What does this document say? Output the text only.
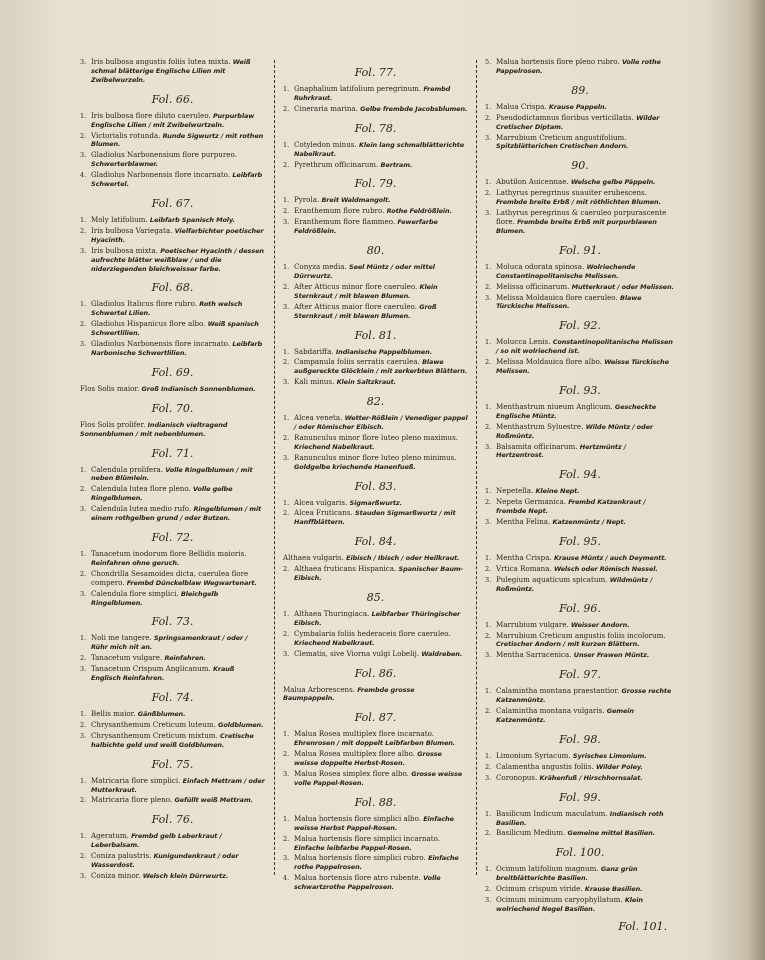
3. Iris bulbosa angustis foliis lutea mixta. Weiß schmal blätterige Englische Lilien mit Zwibelwurzeln.
Fol. 66.
1. Iris bulbosa flore diluto caeruleo. Purpurblaw Englische Lilien / mit Zwibelwurtzeln.
2. Victorialis rotunda. Runde Sigwurtz / mit rothen Blumen.
3. Gladiolus Narbonensium flore purpureo. Schwerterblawner.
4. Gladiolus Narbonensis flore incarnato. Leibfarb Schwertel.
Fol. 67.
1. Moly latifolium. Leibfarb Spanisch Moly.
2. Iris bulbosa Variegata. Vielfarbichter poetischer Hyacinth.
3. Iris bulbosa mixta. Poetischer Hyacinth / dessen aufrechte blätter weißblaw / und die niderziegenden bleichweisser farbe.
Fol. 68.
1. Gladiolus Italicus flore rubro. Roth welsch Schwertel Lilien.
2. Gladiolus Hispanicus flore albo. Weiß spanisch Schwertlilien.
3. Gladiolus Narbonensis flore incarnato. Leibfarb Narbonische Schwertlilien.
Fol. 69.
Flos Solis maior. Groß Indianisch Sonnenblumen.
Fol. 70.
Flos Solis prolifer. Indianisch vieltragend Sonnenblumen / mit nebenblumen.
Fol. 71.
1. Calendula prolifera. Volle Ringelblumen / mit neben Blümlein.
2. Calendula lutea flore pleno. Volle gelbe Ringelblumen.
3. Calendula lutea medio rufo. Ringelblumen / mit einem rothgelben grund / oder Butzen.
Fol. 72.
1. Tanacetum inodorum flore Bellidis maioris. Reinfahren ohne geruch.
2. Chondrilla Sesamoides dicta, caerulea flore compero. Frembd Dünckelblaw Wegwartenart.
3. Calendula flore simplici. Bleichgelb Ringelblumen.
Fol. 73.
1. Noli me tangere. Springsamenkraut / oder / Rühr mich nit an.
2. Tanacetum vulgare. Reinfahren.
3. Tanacetum Crispum Anglicanum. Krauß Englisch Reinfahren.
Fol. 74.
1. Bellis maior. Gänßblumen.
2. Chrysanthemum Creticum luteum. Goldblumen.
3. Chrysanthemum Creticum mixtum. Cretische halbichte geld und weiß Goldblumen.
Fol. 75.
1. Matricaria flore simplici. Einfach Mettram / oder Mutterkraut.
2. Matricaria flore pleno. Gefüllt weiß Mettram.
Fol. 76.
1. Ageratum. Frembd gelb Leberkraut / Leberbalsam.
2. Coniza palustris. Kunigundenkraut / oder Wasserdost.
3. Coniza minor. Welsch klein Dürrwurtz.
Fol. 77.
1. Gnaphalium latifolium peregrinum. Frembd Ruhrkraut.
2. Cineraria marina. Gelbe frembde Jacobsblumen.
Fol. 78.
1. Cotyledon minus. Klein lang schmalblätterichte Nabelkraut.
2. Pyrethrum officinarum. Bertram.
Fol. 79.
1. Pyrola. Breit Waldmangolt.
2. Eranthemum flore rubro. Rothe Feldrößlein.
3. Eranthemum flore flammeo. Fewerfarbe Feldrößlein.
80.
1. Conyza media. Seel Müntz / oder mittel Dürrwurtz.
2. After Atticus minor flore caeruleo. Klein Sternkraut / mit blawen Blumen.
3. After Atticus maior flore caeruleo. Groß Sternkraut / mit blawen Blumen.
Fol. 81.
1. Sabdariffa. Indianische Pappelblumen.
2. Campanula foliis serratis caerulea. Blawe außgereckte Glöcklein / mit zerkerbten Blättern.
3. Kali minus. Klein Saltzkraut.
82.
1. Alcea veneta. Wetter-Rößlein / Venediger pappel / oder Römischer Eibisch.
2. Ranunculus minor flore luteo pleno maximus. Kriechend Nabelkraut.
3. Ranunculus minor flore luteo pleno minimus. Goldgelbe kriechende Hanenfueß.
Fol. 83.
1. Alcea vulgaris. Sigmarßwurtz.
2. Alcea Fruticans. Stauden Sigmarßwurtz / mit Hanffblättern.
Fol. 84.
Althaea vulgaris. Eibisch / Ibisch / oder Heilkraut.
2. Althaea fruticans Hispanica. Spanischer Baum-Eibisch.
85.
1. Althaea Thuringiaca. Leibfarber Thüringischer Eibisch.
2. Cymbalaria foliis hederaceis flore caeruleo. Kriechend Nabelkraut.
3. Clematis, sive Viorna vulgi Lobelij. Waldreben.
Fol. 86.
Malua Arborescens. Frembde grosse Baumpappeln.
Fol. 87.
1. Malua Rosea multiplex flore incarnato. Ehrenrosen / mit doppelt Leibfarben Blumen.
2. Malua Rosea multiplex flore albo. Grosse weisse doppelte Herbst-Rosen.
3. Malua Rosea simplex flore albo. Grosse weisse volle Pappel-Rosen.
Fol. 88.
1. Malua hortensis flore simplici albo. Einfache weisse Herbst Pappel-Rosen.
2. Malua hortensis flore simplici incarnato. Einfache leibfarbe Pappel-Rosen.
3. Malua hortensis flore simplici rubro. Einfache rothe Pappelrosen.
4. Malua hortensis flore atro rubente. Volle schwartzrothe Pappelrosen.
5. Malua hortensis flore pleno rubro. Volle rothe Pappelrosen.
89.
1. Malua Crispa. Krause Pappeln.
2. Pseudodictamnus floribus verticillatis. Wilder Cretischer Diptam.
3. Marrubium Creticum angustifolium. Spitzblätterichen Cretischen Andorn.
90.
1. Abutilon Auicennae. Welsche gelbe Päppeln.
2. Lathyrus peregrinus suauiter erubescens. Frembde breite Erbß / mit röthlichten Blumen.
3. Lathyrus peregrinus & caeruleo purpurascente flore. Frembde breite Erbß mit purpurblawen Blumen.
Fol. 91.
1. Moluca odorata spinosa. Wolriechende Constantinopolitanische Melissen.
2. Melissa officinarum. Mutterkraut / oder Melissen.
3. Melissa Moldauica flore caeruleo. Blawe Türckische Melissen.
Fol. 92.
1. Molucca Lenis. Constantinopolitanische Melissen / so nit wolriechend ist.
2. Melissa Moldauica flore albo. Weisse Türckische Melissen.
Fol. 93.
1. Menthastrum niueum Anglicum. Gescheckte Englische Müntz.
2. Menthastrum Syluestre. Wilde Müntz / oder Roßmüntz.
3. Balsamita officinarum. Hertzmüntz / Hertzentrost.
Fol. 94.
1. Nepetella. Kleine Nept.
2. Nepeta Germanica. Frembd Katzenkraut / frembde Nept.
3. Mentha Felina. Katzenmüntz / Nept.
Fol. 95.
1. Mentha Crispa. Krause Müntz / auch Deymentt.
2. Vrtica Romana. Welsch oder Römisch Nessel.
3. Pulegium aquaticum spicatum. Wildmüntz / Roßmüntz.
Fol. 96.
1. Marrubium vulgare. Weisser Andorn.
2. Marrubium Creticum angustis foliis incolorum. Cretischer Andorn / mit kurzen Blättern.
3. Mentha Sarracenica. Unser Frawen Müntz.
Fol. 97.
1. Calamintha montana praestantior. Grosse rechte Katzenmüntz.
2. Calamintha montana vulgaris. Gemein Katzenmüntz.
Fol. 98.
1. Limonium Syriacum. Syrisches Limonium.
2. Calamentha angustis foliis. Wilder Poley.
3. Coronopus. Krähenfuß / Hirschhornsalat.
Fol. 99.
1. Basilicum Indicum maculatum. Indianisch roth Basilien.
2. Basilicum Medium. Gemeine mittel Basilien.
Fol. 100.
1. Ocimum latifolium magnum. Ganz grün breitblätterichte Basilien.
2. Ocimum crispum viride. Krause Basilien.
3. Ocimum minimum caryophyllatum. Klein wolriechend Negel Basilien.
Fol. 101.
